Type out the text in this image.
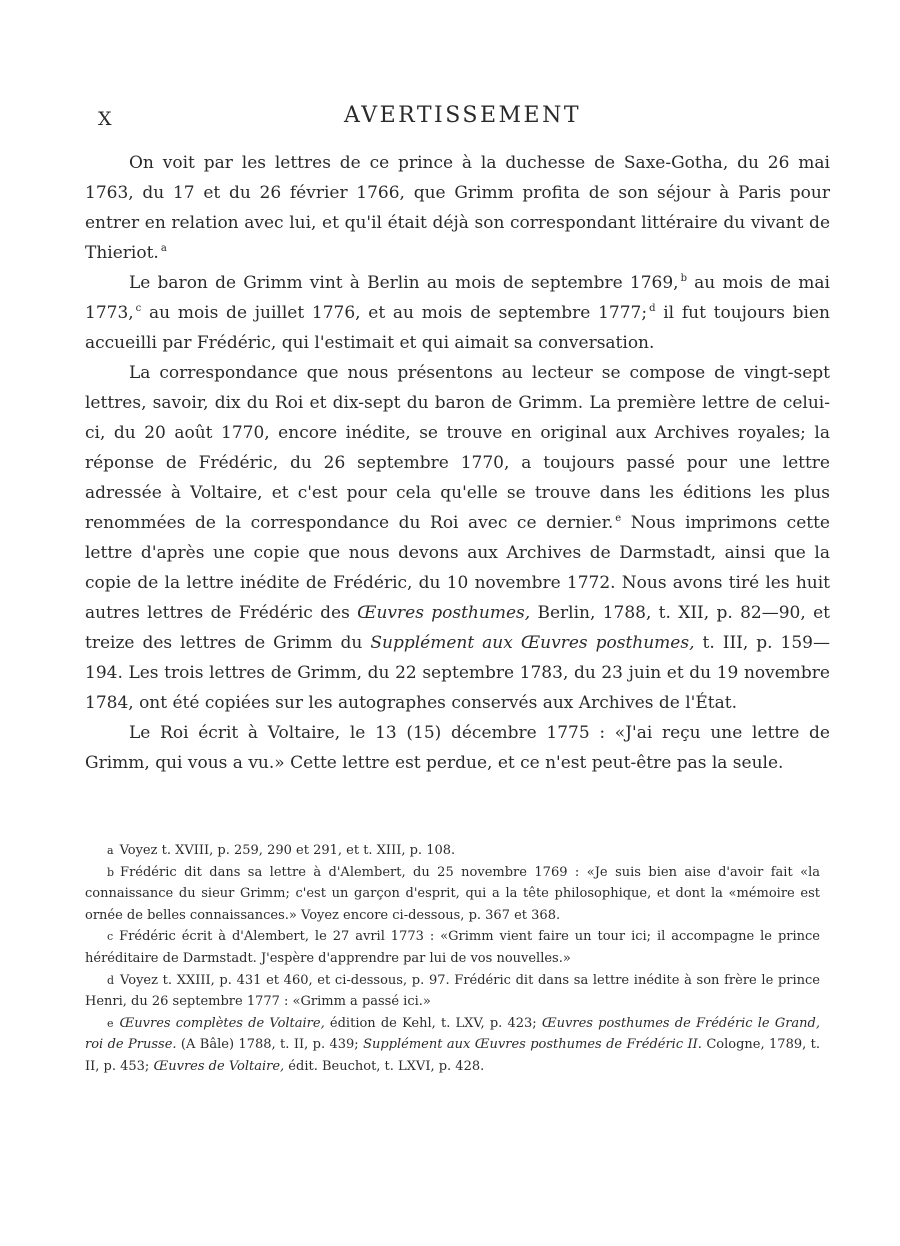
X	AVERTISSEMENT

On voit par les lettres de ce prince à la duchesse de Saxe-Gotha, du 26 mai 1763, du 17 et du 26 février 1766, que Grimm profita de son séjour à Paris pour entrer en relation avec lui, et qu'il était déjà son correspondant littéraire du vivant de Thieriot. $^a$

Le baron de Grimm vint à Berlin au mois de septembre 1769, $^b$ au mois de mai 1773, $^c$ au mois de juillet 1776, et au mois de septembre 1777; $^d$ il fut toujours bien accueilli par Frédéric, qui l'estimait et qui aimait sa conversation.

La correspondance que nous présentons au lecteur se compose de vingt-sept lettres, savoir, dix du Roi et dix-sept du baron de Grimm. La première lettre de celui-ci, du 20 août 1770, encore inédite, se trouve en original aux Archives royales; la réponse de Frédéric, du 26 septembre 1770, a toujours passé pour une lettre adressée à Voltaire, et c'est pour cela qu'elle se trouve dans les éditions les plus renommées de la correspondance du Roi avec ce dernier. $^e$ Nous imprimons cette lettre d'après une copie que nous devons aux Archives de Darmstadt, ainsi que la copie de la lettre inédite de Frédéric, du 10 novembre 1772. Nous avons tiré les huit autres lettres de Frédéric des Œuvres posthumes, Berlin, 1788, t. XII, p. 82—90, et treize des lettres de Grimm du Supplément aux Œuvres posthumes, t. III, p. 159—194. Les trois lettres de Grimm, du 22 septembre 1783, du 23 juin et du 19 novembre 1784, ont été copiées sur les autographes conservés aux Archives de l'État.

Le Roi écrit à Voltaire, le 13 (15) décembre 1775 : «J'ai reçu une lettre de Grimm, qui vous a vu.» Cette lettre est perdue, et ce n'est peut-être pas la seule.

a Voyez t. XVIII, p. 259, 290 et 291, et t. XIII, p. 108.

b Frédéric dit dans sa lettre à d'Alembert, du 25 novembre 1769 : «Je suis bien aise d'avoir fait «la connaissance du sieur Grimm; c'est un garçon d'esprit, qui a la tête philosophique, et dont la «mémoire est ornée de belles connaissances.» Voyez encore ci-dessous, p. 367 et 368.

c Frédéric écrit à d'Alembert, le 27 avril 1773 : «Grimm vient faire un tour ici; il accompagne le prince héréditaire de Darmstadt. J'espère d'apprendre par lui de vos nouvelles.»

d Voyez t. XXIII, p. 431 et 460, et ci-dessous, p. 97. Frédéric dit dans sa lettre inédite à son frère le prince Henri, du 26 septembre 1777 : «Grimm a passé ici.»

e Œuvres complètes de Voltaire, édition de Kehl, t. LXV, p. 423; Œuvres posthumes de Frédéric le Grand, roi de Prusse. (A Bâle) 1788, t. II, p. 439; Supplément aux Œuvres posthumes de Frédéric II. Cologne, 1789, t. II, p. 453; Œuvres de Voltaire, édit. Beuchot, t. LXVI, p. 428.
